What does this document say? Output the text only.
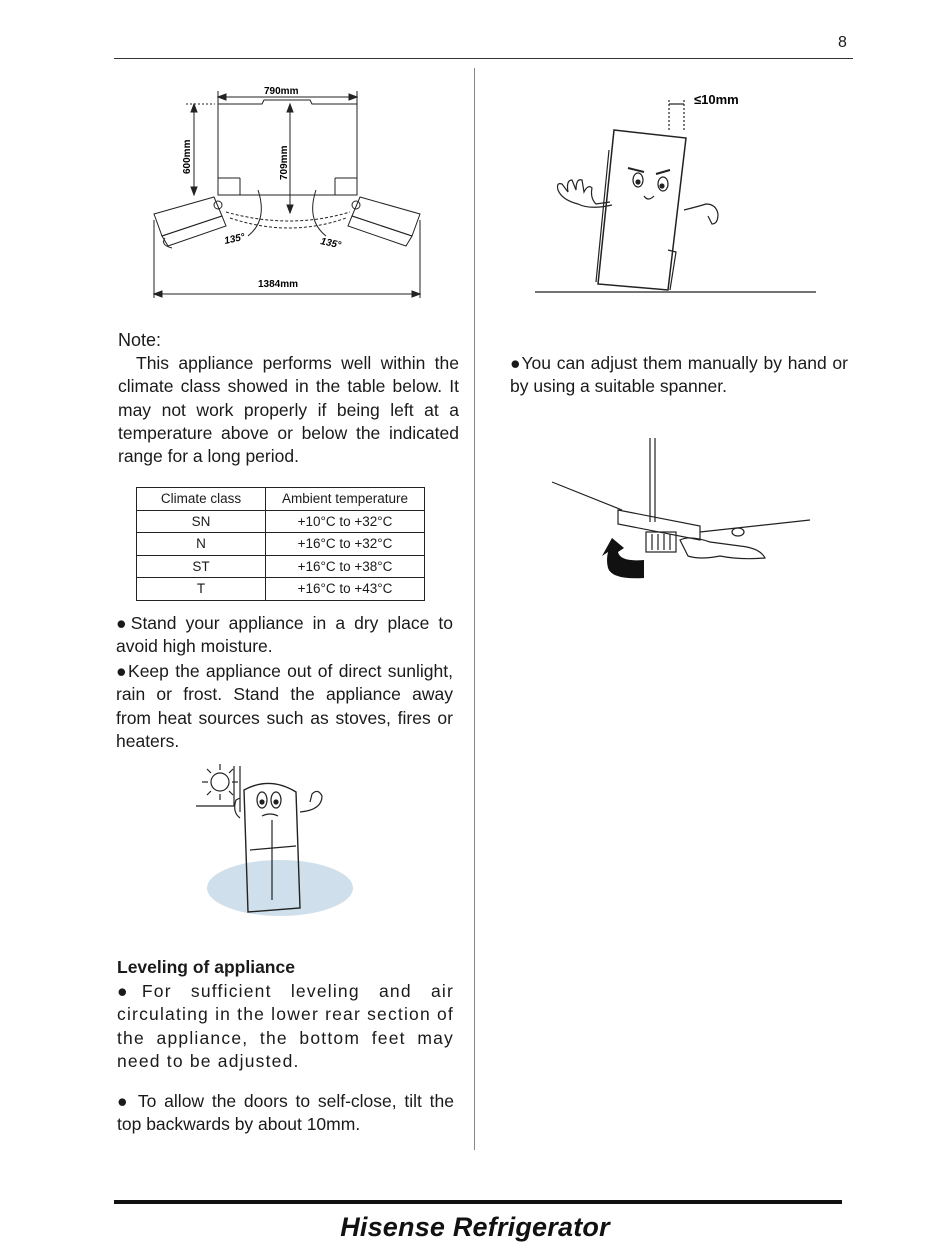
8
790mm
600mm	709mm
135°	135°
1384mm
≤10mm
Note:

This appliance performs well within the climate class showed in the table below. It may not work properly if being left at a temperature above or below the indicated range for a long period.

Climate class	Ambient temperature
SN	+10°C to +32°C
N	+16°C to +32°C
ST	+16°C to +38°C
T	+16°C to +43°C

●Stand your appliance in a dry place to avoid high moisture.

●Keep the appliance out of direct sunlight, rain or frost. Stand the appliance away from heat sources such as stoves, fires or heaters.

Leveling of appliance

●For sufficient leveling and air circulating in the lower rear section of the appliance, the bottom feet may need to be adjusted.

● To allow the doors to self-close, tilt the top backwards by about 10mm.

●You can adjust them manually by hand or by using a suitable spanner.

Hisense Refrigerator
